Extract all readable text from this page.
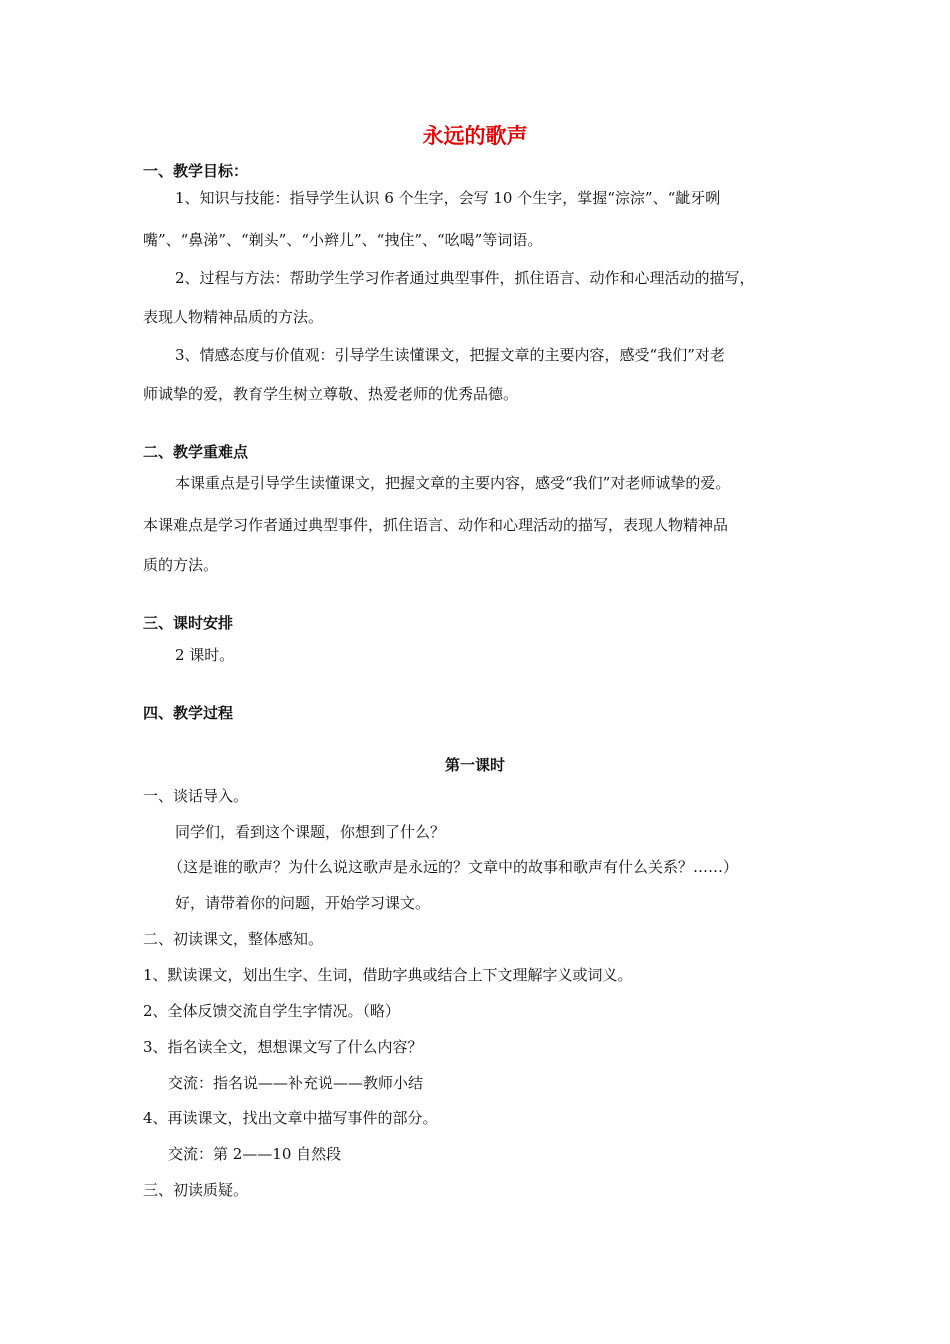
永远的歌声
一、教学目标：
1、知识与技能：指导学生认识 6 个生字，会写 10 个生字，掌握“淙淙”、“龇牙咧
嘴”、“鼻涕”、“剃头”、“小辫儿”、“拽住”、“吆喝”等词语。
2、过程与方法：帮助学生学习作者通过典型事件，抓住语言、动作和心理活动的描写，
表现人物精神品质的方法。
3、情感态度与价值观：引导学生读懂课文，把握文章的主要内容，感受“我们”对老
师诚挚的爱，教育学生树立尊敬、热爱老师的优秀品德。
二、教学重难点
本课重点是引导学生读懂课文，把握文章的主要内容，感受“我们”对老师诚挚的爱。
本课难点是学习作者通过典型事件，抓住语言、动作和心理活动的描写，表现人物精神品
质的方法。
三、课时安排
2 课时。
四、教学过程
第一课时
一、谈话导入。
同学们，看到这个课题，你想到了什么？
（这是谁的歌声？为什么说这歌声是永远的？文章中的故事和歌声有什么关系？……）
好，请带着你的问题，开始学习课文。
二、初读课文，整体感知。
1、默读课文，划出生字、生词，借助字典或结合上下文理解字义或词义。
2、全体反馈交流自学生字情况。（略）
3、指名读全文，想想课文写了什么内容？
交流：指名说——补充说——教师小结
4、再读课文，找出文章中描写事件的部分。
交流：第 2——10 自然段
三、初读质疑。
